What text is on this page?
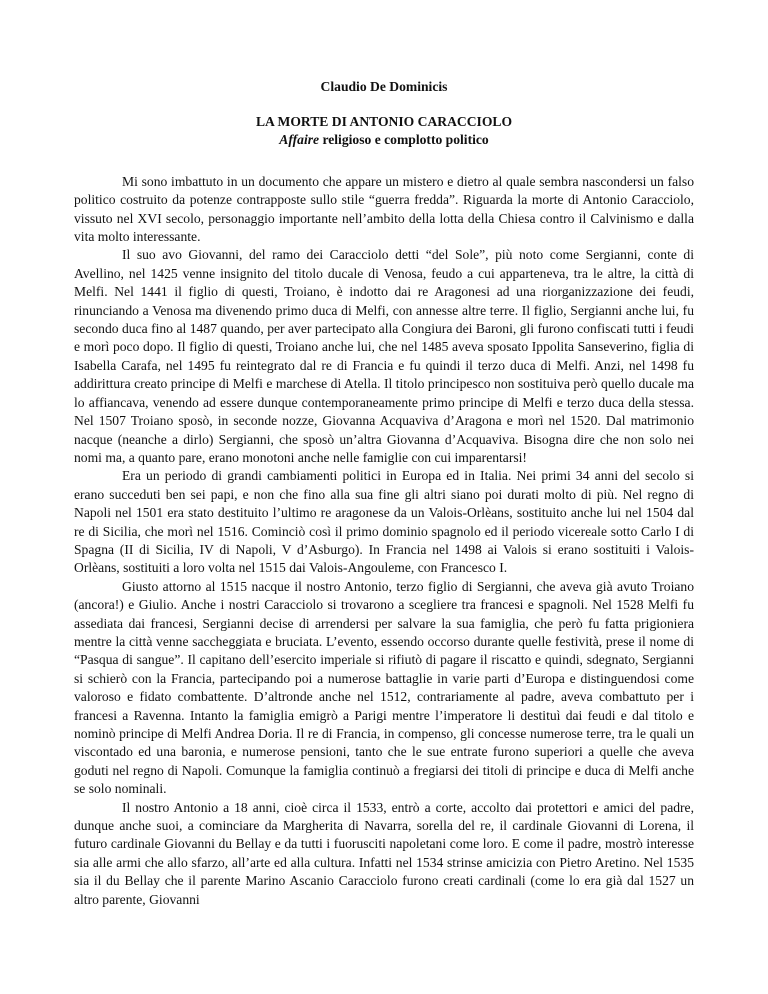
Claudio De Dominicis

LA MORTE DI ANTONIO CARACCIOLO

Affaire religioso e complotto politico

Mi sono imbattuto in un documento che appare un mistero e dietro al quale sembra nascondersi un falso politico costruito da potenze contrapposte sullo stile “guerra fredda”. Riguarda la morte di Antonio Caracciolo, vissuto nel XVI secolo, personaggio importante nell’ambito della lotta della Chiesa contro il Calvinismo e dalla vita molto interessante.

Il suo avo Giovanni, del ramo dei Caracciolo detti “del Sole”, più noto come Sergianni, conte di Avellino, nel 1425 venne insignito del titolo ducale di Venosa, feudo a cui apparteneva, tra le altre, la città di Melfi. Nel 1441 il figlio di questi, Troiano, è indotto dai re Aragonesi ad una riorganizzazione dei feudi, rinunciando a Venosa ma divenendo primo duca di Melfi, con annesse altre terre. Il figlio, Sergianni anche lui, fu secondo duca fino al 1487 quando, per aver partecipato alla Congiura dei Baroni, gli furono confiscati tutti i feudi e morì poco dopo. Il figlio di questi, Troiano anche lui, che nel 1485 aveva sposato Ippolita Sanseverino, figlia di Isabella Carafa, nel 1495 fu reintegrato dal re di Francia e fu quindi il terzo duca di Melfi. Anzi, nel 1498 fu addirittura creato principe di Melfi e marchese di Atella. Il titolo principesco non sostituiva però quello ducale ma lo affiancava, venendo ad essere dunque contemporaneamente primo principe di Melfi e terzo duca della stessa. Nel 1507 Troiano sposò, in seconde nozze, Giovanna Acquaviva d’Aragona e morì nel 1520. Dal matrimonio nacque (neanche a dirlo) Sergianni, che sposò un’altra Giovanna d’Acquaviva. Bisogna dire che non solo nei nomi ma, a quanto pare, erano monotoni anche nelle famiglie con cui imparentarsi!

Era un periodo di grandi cambiamenti politici in Europa ed in Italia. Nei primi 34 anni del secolo si erano succeduti ben sei papi, e non che fino alla sua fine gli altri siano poi durati molto di più. Nel regno di Napoli nel 1501 era stato destituito l’ultimo re aragonese da un Valois-Orlèans, sostituito anche lui nel 1504 dal re di Sicilia, che morì nel 1516. Cominciò così il primo dominio spagnolo ed il periodo vicereale sotto Carlo I di Spagna (II di Sicilia, IV di Napoli, V d’Asburgo). In Francia nel 1498 ai Valois si erano sostituiti i Valois-Orlèans, sostituiti a loro volta nel 1515 dai Valois-Angouleme, con Francesco I.

Giusto attorno al 1515 nacque il nostro Antonio, terzo figlio di Sergianni, che aveva già avuto Troiano (ancora!) e Giulio. Anche i nostri Caracciolo si trovarono a scegliere tra francesi e spagnoli. Nel 1528 Melfi fu assediata dai francesi, Sergianni decise di arrendersi per salvare la sua famiglia, che però fu fatta prigioniera mentre la città venne saccheggiata e bruciata. L’evento, essendo occorso durante quelle festività, prese il nome di “Pasqua di sangue”. Il capitano dell’esercito imperiale si rifiutò di pagare il riscatto e quindi, sdegnato, Sergianni si schierò con la Francia, partecipando poi a numerose battaglie in varie parti d’Europa e distinguendosi come valoroso e fidato combattente. D’altronde anche nel 1512, contrariamente al padre, aveva combattuto per i francesi a Ravenna. Intanto la famiglia emigrò a Parigi mentre l’imperatore li destituì dai feudi e dal titolo e nominò principe di Melfi Andrea Doria. Il re di Francia, in compenso, gli concesse numerose terre, tra le quali un viscontado ed una baronia, e numerose pensioni, tanto che le sue entrate furono superiori a quelle che aveva goduti nel regno di Napoli. Comunque la famiglia continuò a fregiarsi dei titoli di principe e duca di Melfi anche se solo nominali.

Il nostro Antonio a 18 anni, cioè circa il 1533, entrò a corte, accolto dai protettori e amici del padre, dunque anche suoi, a cominciare da Margherita di Navarra, sorella del re, il cardinale Giovanni di Lorena, il futuro cardinale Giovanni du Bellay e da tutti i fuorusciti napoletani come loro. E come il padre, mostrò interesse sia alle armi che allo sfarzo, all’arte ed alla cultura. Infatti nel 1534 strinse amicizia con Pietro Aretino. Nel 1535 sia il du Bellay che il parente Marino Ascanio Caracciolo furono creati cardinali (come lo era già dal 1527 un altro parente, Giovanni
